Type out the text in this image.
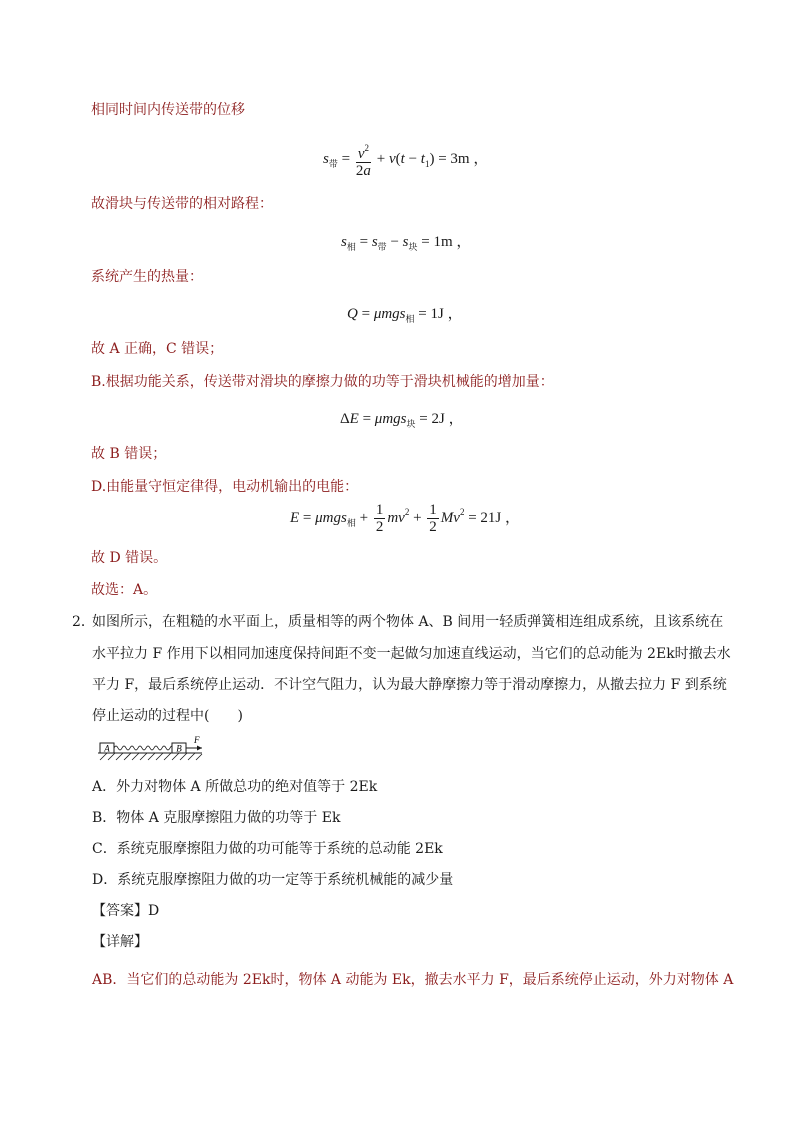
相同时间内传送带的位移
$s_带 = \frac{v^2}{2a} + v(t - t_1) = 3m$ ，
故滑块与传送带的相对路程：
$s_相 = s_带 - s_块 = 1m$ ，
系统产生的热量：
Q = μmgs$_相$ = 1J ，
故 A 正确，C 错误；
B.根据功能关系，传送带对滑块的摩擦力做的功等于滑块机械能的增加量：
ΔE = μmgs$_块$ = 2J ，
故 B 错误；
D.由能量守恒定律得，电动机输出的电能：
$E = \mu mgs_相 + \frac{1}{2} mv^2 + \frac{1}{2} Mv^2 = 21J$ ，
故 D 错误。
故选：A。
2．
如图所示，在粗糙的水平面上，质量相等的两个物体 A、B 间用一轻质弹簧相连组成系统，且该系统在
水平拉力 F 作用下以相同加速度保持间距不变一起做匀加速直线运动，当它们的总动能为 2Ek时撤去水
平力 F，最后系统停止运动．不计空气阻力，认为最大静摩擦力等于滑动摩擦力，从撤去拉力 F 到系统
停止运动的过程中(　　)
A	B
F
A．外力对物体 A 所做总功的绝对值等于 2Ek
B．物体 A 克服摩擦阻力做的功等于 Ek
C．系统克服摩擦阻力做的功可能等于系统的总动能 2Ek
D．系统克服摩擦阻力做的功一定等于系统机械能的减少量
【答案】D
【详解】
AB．当它们的总动能为 2Ek时，物体 A 动能为 Ek，撤去水平力 F，最后系统停止运动，外力对物体 A
